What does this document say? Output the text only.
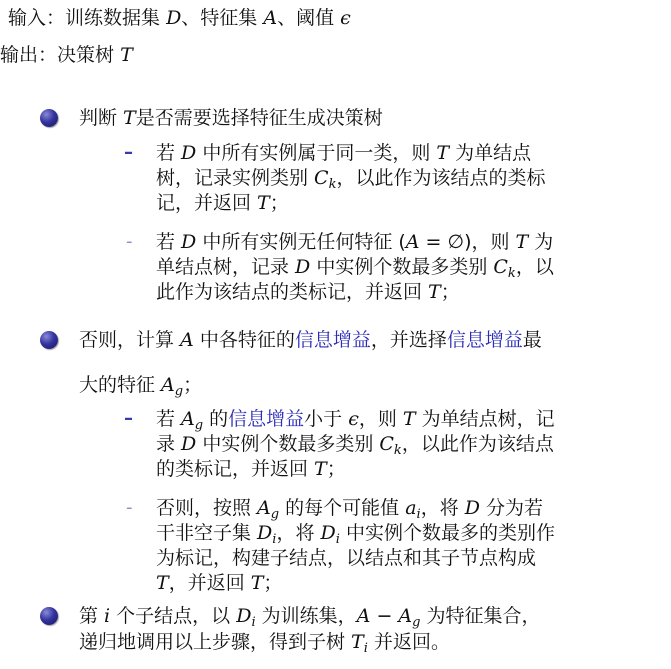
输入：训练数据集 D、特征集 A、阈值 ϵ
输出：决策树 T
判断 T是否需要选择特征生成决策树
– 若 D 中所有实例属于同一类，则 T 为单结点
树，记录实例类别 $C_k$，以此作为该结点的类标
记，并返回 T；
- 若 D 中所有实例无任何特征 (A = ∅)，则 T 为
单结点树，记录 D 中实例个数最多类别 $C_k$，以
此作为该结点的类标记，并返回 T；
否则，计算 A 中各特征的信息增益，并选择信息增益最
大的特征 $A_g$；
– 若 $A_g$ 的信息增益小于 ϵ，则 T 为单结点树，记
录 D 中实例个数最多类别 $C_k$，以此作为该结点
的类标记，并返回 T；
- 否则，按照 $A_g$ 的每个可能值 $a_i$，将 D 分为若
干非空子集 $D_i$，将 $D_i$ 中实例个数最多的类别作
为标记，构建子结点，以结点和其子节点构成
T，并返回 T；
第 i 个子结点，以 $D_i$ 为训练集，$A - A_g$ 为特征集合，
递归地调用以上步骤，得到子树 $T_i$ 并返回。
